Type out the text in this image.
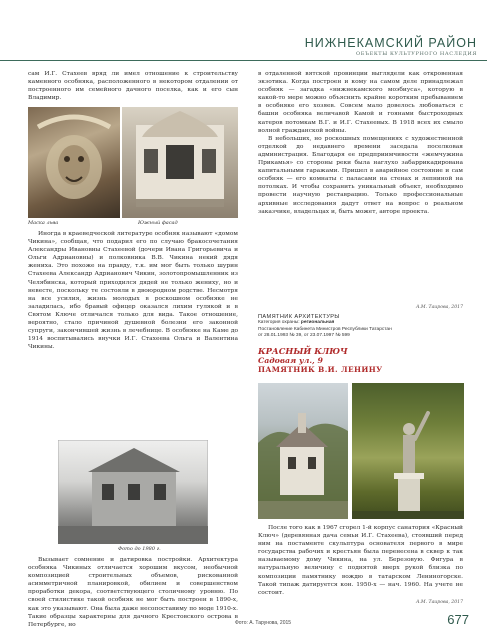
НИЖНЕКАМСКИЙ РАЙОН
ОБЪЕКТЫ КУЛЬТУРНОГО НАСЛЕДИЯ

сам И.Г. Стахеев вряд ли имел отношение к строительству каменного особняка, расположенного в некотором отдалении от построенного им семейного дачного поселка, как и его сын Владимир.

Маска льва	Южный фасад

Иногда в краеведческой литературе особняк называют «домом Чикина», сообщая, что подарил его по случаю бракосочетания Александры Ивановны Стахеевой (дочери Ивана Григорьевича и Ольги Адриановны) и полковника В.В. Чикина некий дядя жениха. Это похоже на правду, т.к. им мог быть только шурин Стахеева Александр Адрианович Чикин, золотопромышленник из Челябинска, который приходился дядей не только жениху, но и невесте, поскольку те состояли в двоюродном родстве. Несмотря на все усилия, жизнь молодых в роскошном особняке не заладилась, ибо бравый офицер оказался лихим гулякой и в Святом Ключе отличался только для вида. Такое отношение, вероятно, стало причиной душевной болезни его законной супруги, закончившей жизнь в лечебнице. В особняке на Каме до 1914 воспитывались внучки И.Г. Стахеева Ольга и Валентина Чикины.

Фото до 1980 г.

Вызывает сомнение и датировка постройки. Архитектура особняка Чикиных отличается хорошим вкусом, необычной композицией строительных объемов, рискованной асимметричной планировкой, обилием и совершенством проработки декора, соответствующего столичному уровню. По своей стилистике такой особняк не мог быть построен в 1890-х, как это указывают. Она была даже несопоставиму по моде 1910-х. Такие образцы характерны для дачного Крестовского острова в Петербурге, но

в отдаленной вятской провинции выглядели как откровенная экзотика. Когда построен и кому на самом деле принадлежал особняк — загадка «нижнекамского моэбиуса», которую в какой-то мере можно объяснить крайне коротким пребыванием в особняке его хозяев. Совсем мало довелось любоваться с башни особняка величавой Камой и гоянами быстроходных катеров потомкам В.Г. и И.Г. Стахеевых. В 1918 всех их смыло волной гражданской войны.

В небольших, но роскошных помещениях с художественной отделкой до недавнего времени заседала поселковая администрация. Благодаря ее предприимчивости «жемчужина Прикамья» со стороны реки была наглухо забаррикадирована капитальными гаражами. Пришел в аварийное состояние и сам особняк — его комнаты с паласами на стенах и лепниной на потолках. И чтобы сохранить уникальный объект, необходимо провести научную реставрацию. Только профессиональные архивные исследования дадут ответ на вопрос о реальном заказчике, владельцах и, быть может, авторе проекта.

А.М. Таирова, 2017
ПАМЯТНИК АРХИТЕКТУРЫ
Категория охраны: региональная
Постановление Кабинета Министров Республики Татарстан
от 28.01.1993 № 39, от 23.07.1997 № 599
КРАСНЫЙ КЛЮЧ
Садовая ул., 9
ПАМЯТНИК В.И. ЛЕНИНУ

После того как в 1967 сгорел 1-й корпус санатория «Красный Ключ» (деревянная дача семьи И.Г. Стахеева), стоявший перед ним на постаменте скульптура основателя первого в мире государства рабочих и крестьян была перенесена в сквер к так называемому дому Чикина, на ул. Березовую. Фигура в натуральную величину с поднятой вверх рукой близка по композиции памятнику вождю в татарском Лениногорске. Такой типаж датируется кон. 1950-х — нач. 1960. На учете не состоит.

А.М. Таирова, 2017
Фото: А. Тарунова, 2015	677
